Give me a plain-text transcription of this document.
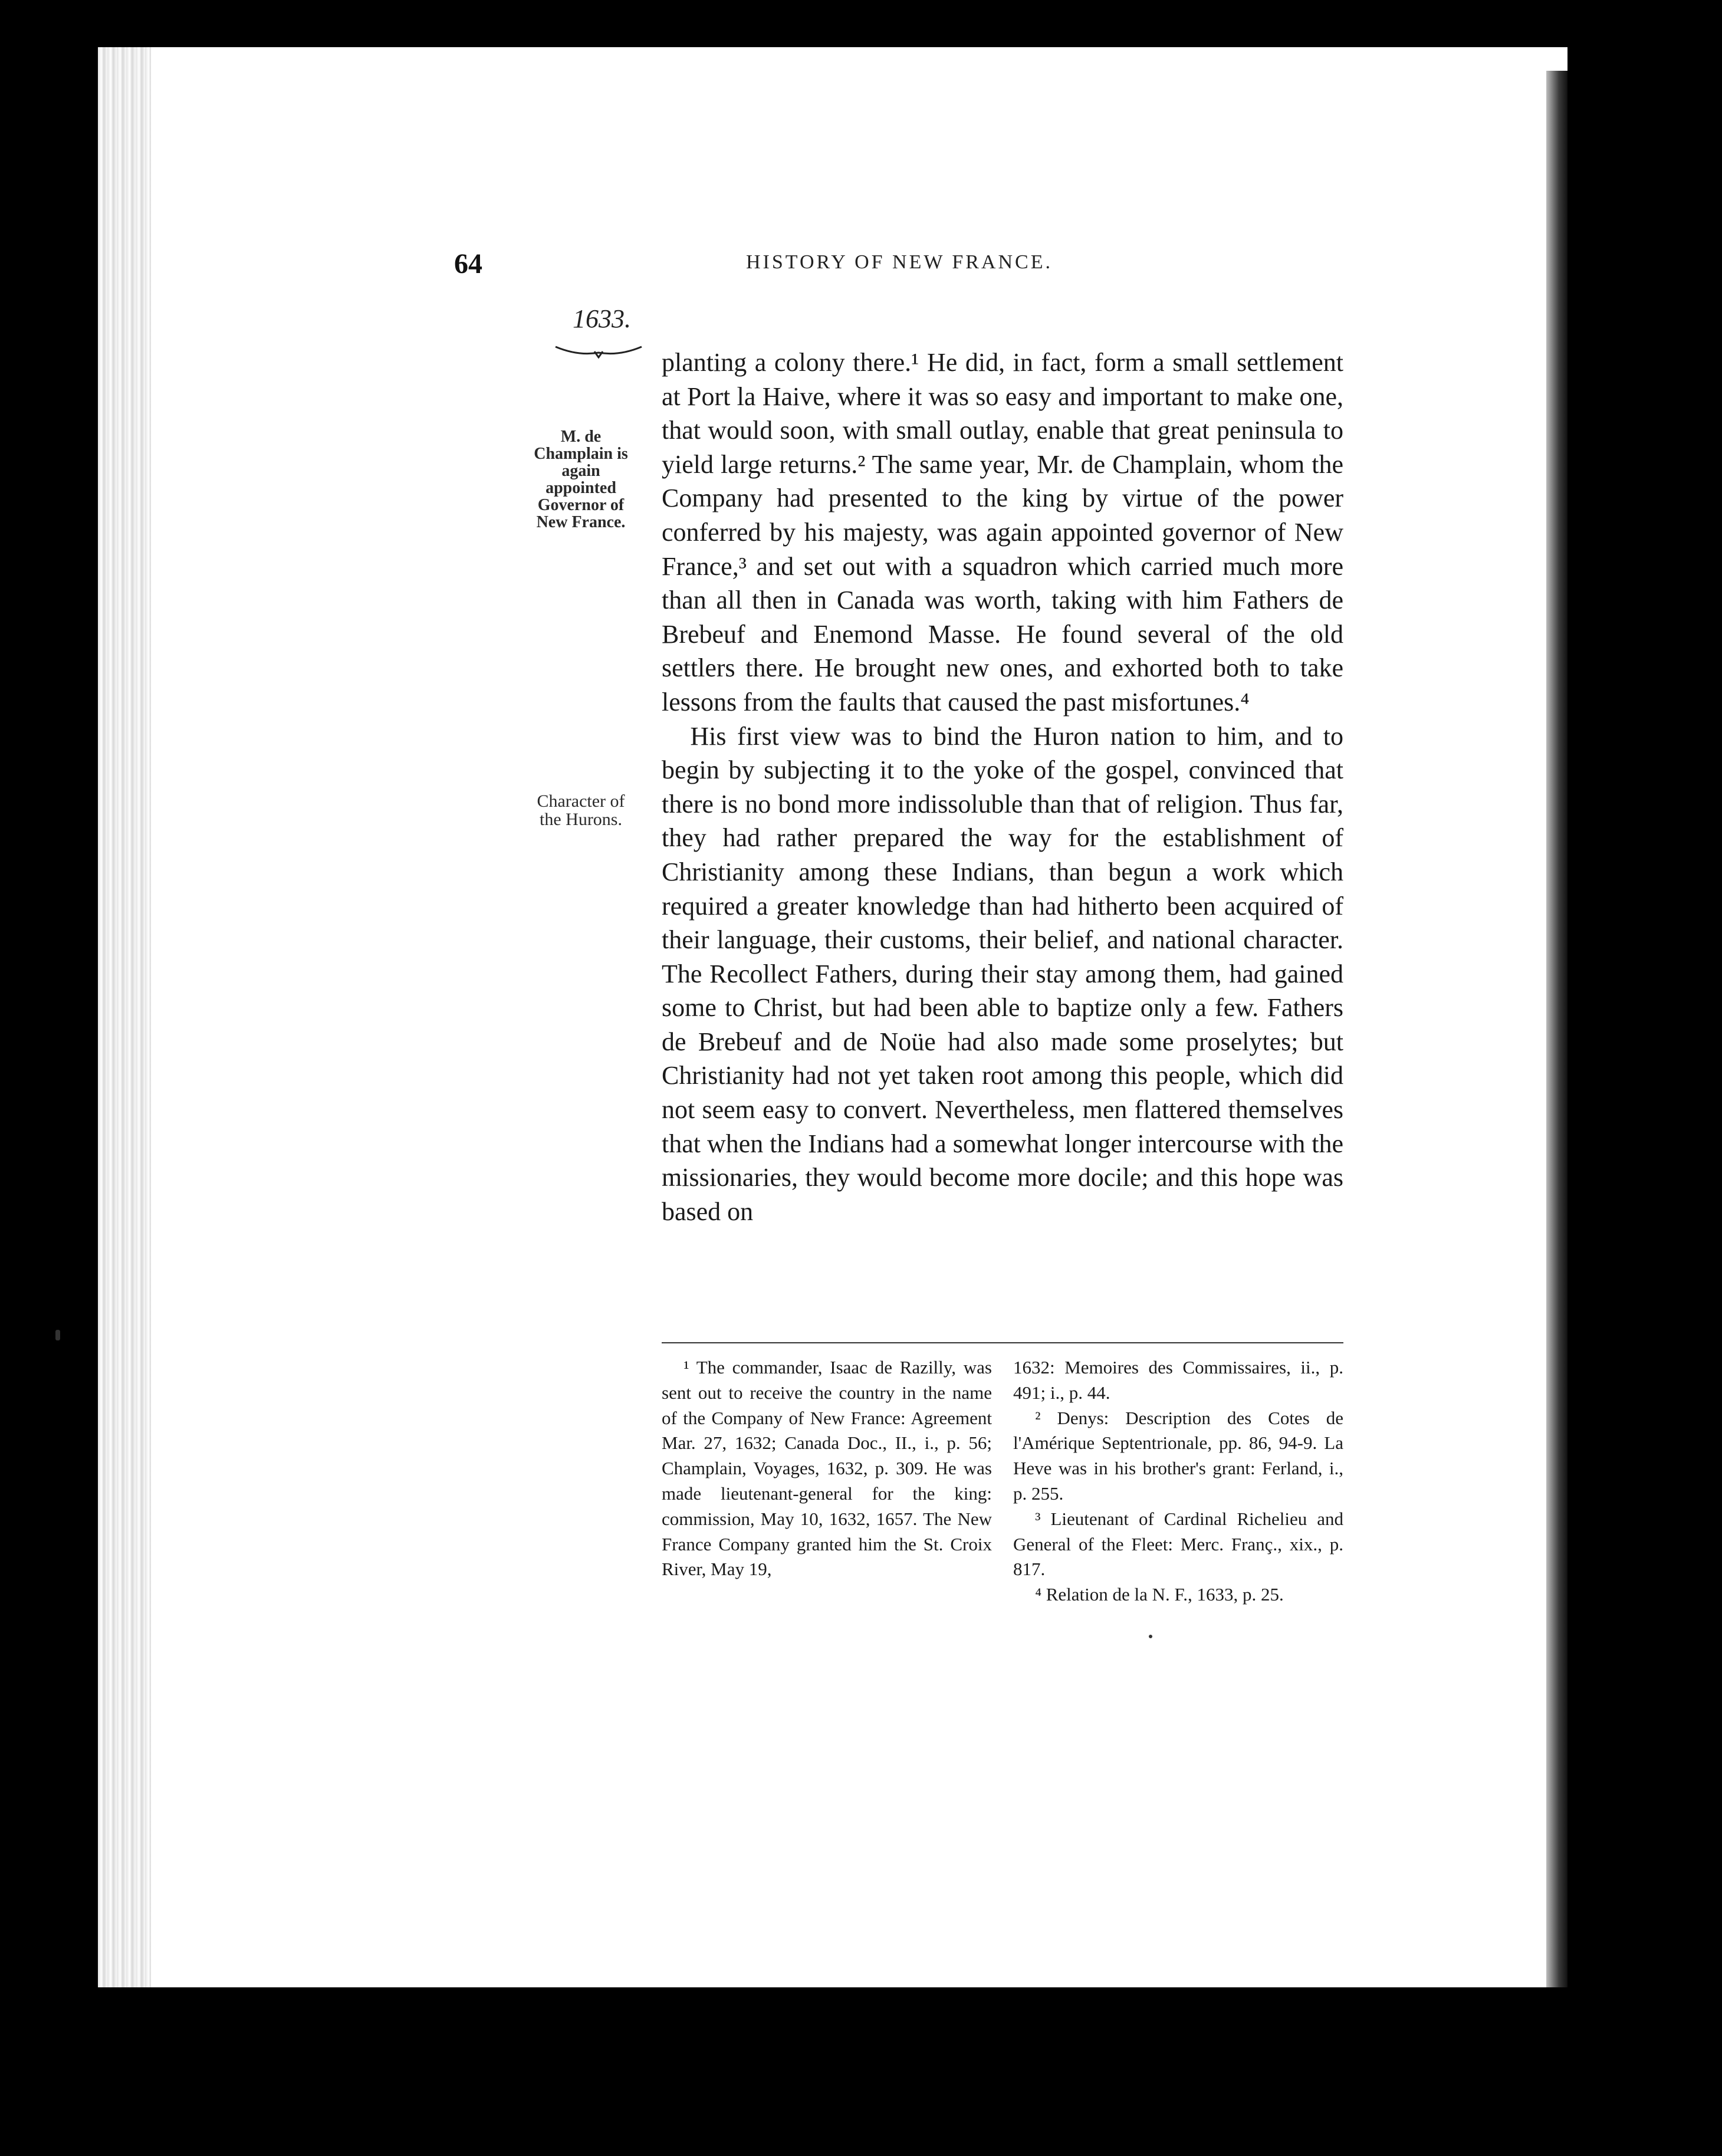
64	HISTORY OF NEW FRANCE.
1633.
M. de Champlain is again appointed Governor of New France.
Character of the Hurons.

planting a colony there.¹ He did, in fact, form a small settlement at Port la Haive, where it was so easy and important to make one, that would soon, with small outlay, enable that great peninsula to yield large returns.² The same year, Mr. de Champlain, whom the Company had presented to the king by virtue of the power conferred by his majesty, was again appointed governor of New France,³ and set out with a squadron which carried much more than all then in Canada was worth, taking with him Fathers de Brebeuf and Enemond Masse. He found several of the old settlers there. He brought new ones, and exhorted both to take lessons from the faults that caused the past misfortunes.⁴

His first view was to bind the Huron nation to him, and to begin by subjecting it to the yoke of the gospel, convinced that there is no bond more indissoluble than that of religion. Thus far, they had rather prepared the way for the establishment of Christianity among these Indians, than begun a work which required a greater knowledge than had hitherto been acquired of their language, their customs, their belief, and national character. The Recollect Fathers, during their stay among them, had gained some to Christ, but had been able to baptize only a few. Fathers de Brebeuf and de Noüe had also made some proselytes; but Christianity had not yet taken root among this people, which did not seem easy to convert. Nevertheless, men flattered themselves that when the Indians had a somewhat longer intercourse with the missionaries, they would become more docile; and this hope was based on

¹ The commander, Isaac de Razilly, was sent out to receive the country in the name of the Company of New France: Agreement Mar. 27, 1632; Canada Doc., II., i., p. 56; Champlain, Voyages, 1632, p. 309. He was made lieutenant-general for the king: commission, May 10, 1632, 1657. The New France Company granted him the St. Croix River, May 19,

1632: Memoires des Commissaires, ii., p. 491; i., p. 44.

² Denys: Description des Cotes de l'Amérique Septentrionale, pp. 86, 94-9. La Heve was in his brother's grant: Ferland, i., p. 255.

³ Lieutenant of Cardinal Richelieu and General of the Fleet: Merc. Franç., xix., p. 817.

⁴ Relation de la N. F., 1633, p. 25.
